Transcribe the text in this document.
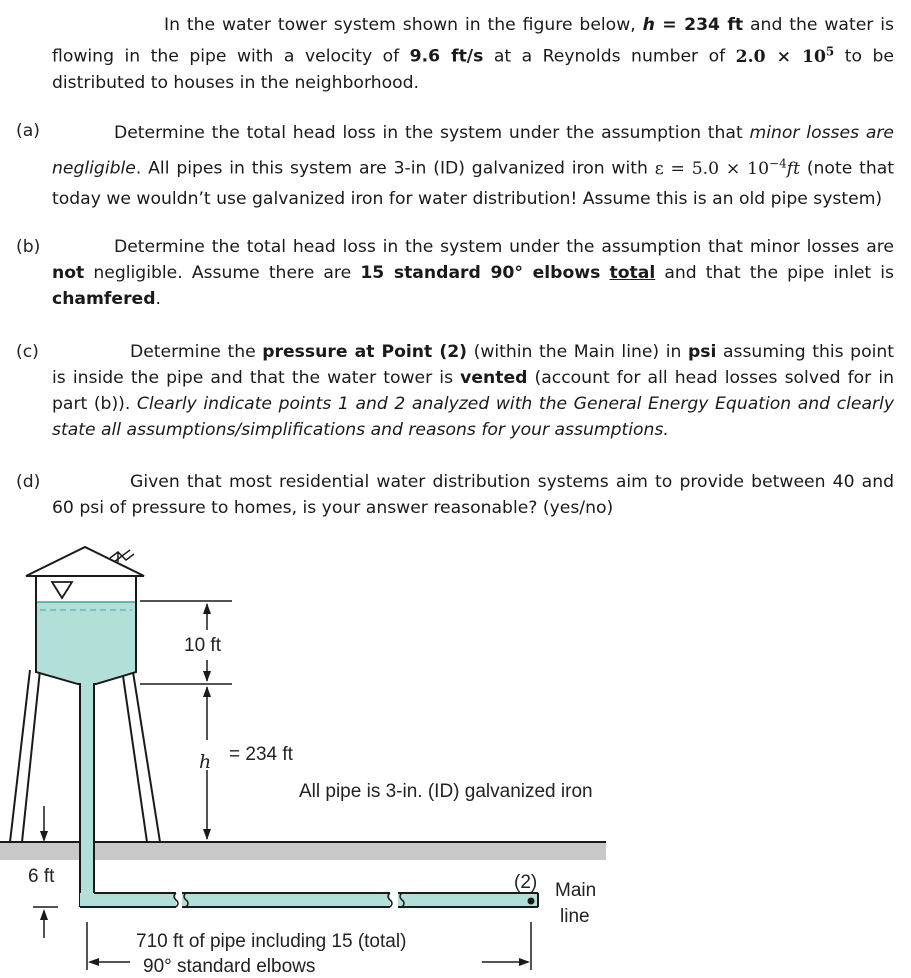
In the water tower system shown in the figure below, h = 234 ft and the water is flowing in the pipe with a velocity of 9.6 ft/s at a Reynolds number of $2.0 \times 10^5$ to be distributed to houses in the neighborhood.
(a)	Determine the total head loss in the system under the assumption that minor losses are negligible. All pipes in this system are 3-in (ID) galvanized iron with $\varepsilon = 5.0 \times 10^{-4}ft$ (note that today we wouldn’t use galvanized iron for water distribution! Assume this is an old pipe system)
(b)	Determine the total head loss in the system under the assumption that minor losses are not negligible. Assume there are 15 standard 90° elbows total and that the pipe inlet is chamfered.
(c)	Determine the pressure at Point (2) (within the Main line) in psi assuming this point is inside the pipe and that the water tower is vented (account for all head losses solved for in part (b)). Clearly indicate points 1 and 2 analyzed with the General Energy Equation and clearly state all assumptions/simplifications and reasons for your assumptions.
(d)	Given that most residential water distribution systems aim to provide between 40 and 60 psi of pressure to homes, is your answer reasonable? (yes/no)
10 ft
h = 234 ft
All pipe is 3-in. (ID) galvanized iron
6 ft	(2) Main
line
710 ft of pipe including 15 (total)
90° standard elbows
